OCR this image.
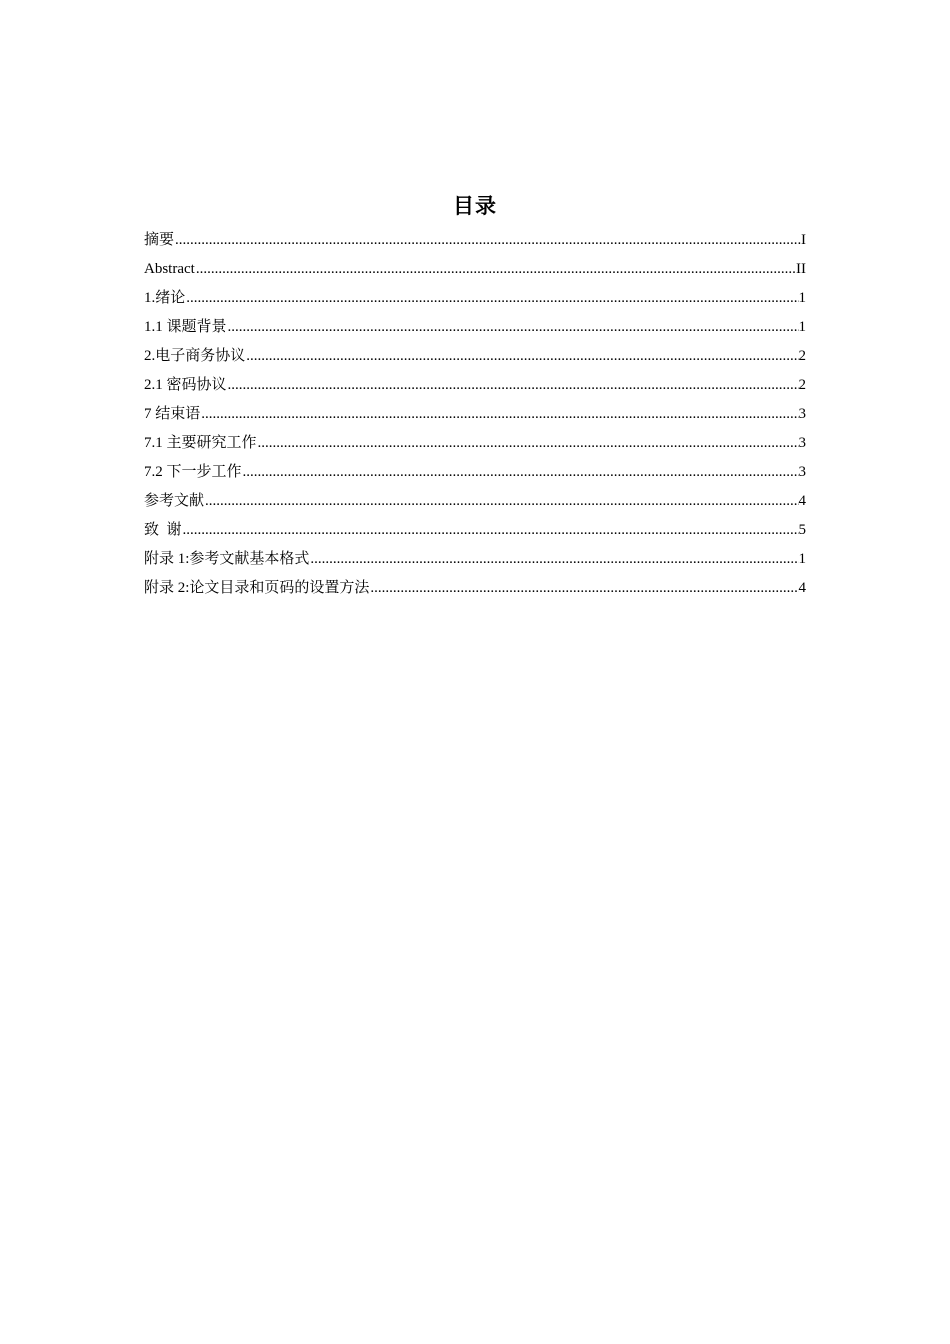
目录
摘要 .....	I
Abstract .....	II
1.绪论 .....	1
1.1 课题背景 .....	1
2.电子商务协议 .....	2
2.1 密码协议 .....	2
7 结束语 .....	3
7.1 主要研究工作 .....	3
7.2 下一步工作 .....	3
参考文献 .....	4
致  谢 .....	5
附录 1:参考文献基本格式 .....	1
附录 2:论文目录和页码的设置方法 .....	4
